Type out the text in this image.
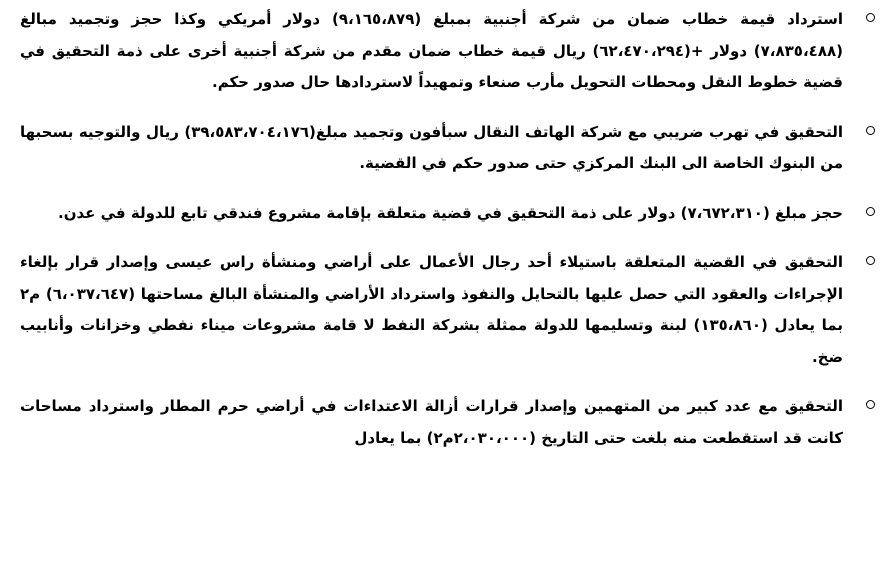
استرداد قيمة خطاب ضمان من شركة أجنبية بمبلغ (٩،١٦٥،٨٧٩) دولار أمريكي وكذا حجز وتجميد مبالغ (٧،٨٣٥،٤٨٨) دولار +(٦٢،٤٧٠،٢٩٤) ريال قيمة خطاب ضمان مقدم من شركة أجنبية أخرى على ذمة التحقيق في قضية خطوط النقل ومحطات التحويل مأرب صنعاء وتمهيداً لاستردادها حال صدور حكم.
التحقيق في تهرب ضريبي مع شركة الهاتف النقال سبأفون وتجميد مبلغ(٣٩،٥٨٣،٧٠٤،١٧٦) ريال والتوجيه بسحبها من البنوك الخاصة الى البنك المركزي حتى صدور حكم في القضية.
حجز مبلغ (٧،٦٧٢،٣١٠) دولار على ذمة التحقيق في قضية متعلقة بإقامة مشروع فندقي تابع للدولة في عدن.
التحقيق في القضية المتعلقة باستيلاء أحد رجال الأعمال على أراضي ومنشأة راس عيسى وإصدار قرار بإلغاء الإجراءات والعقود التي حصل عليها بالتحايل والنفوذ واسترداد الأراضي والمنشأة البالغ مساحتها (٦،٠٣٧،٦٤٧) م٢ بما يعادل (١٣٥،٨٦٠) لبنة وتسليمها للدولة ممثلة بشركة النفط لا قامة مشروعات ميناء نفطي وخزانات وأنابيب ضخ.
التحقيق مع عدد كبير من المتهمين وإصدار قرارات أزالة الاعتداءات في أراضي حرم المطار واسترداد مساحات كانت قد استقطعت منه بلغت حتى التاريخ (٢،٠٣٠،٠٠٠م٢) بما يعادل
